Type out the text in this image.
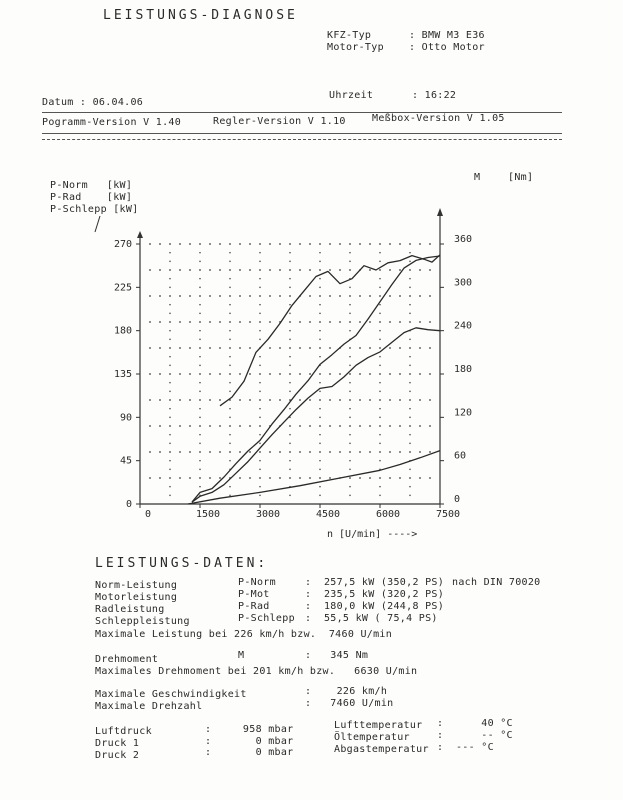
LEISTUNGS-DIAGNOSE
KFZ-Typ	: BMW M3 E36
Motor-Typ	: Otto Motor
Datum : 06.04.06
Uhrzeit	: 16:22
Pogramm-Version V 1.40	Regler-Version V 1.10	Meßbox-Version V 1.05
P-Norm   [kW]
P-Rad    [kW]
P-Schlepp [kW]
M	[Nm]
0
45
90
135
180
225
270
0
60
120
180
240
300
360
0	1500	3000	4500	6000	7500
n [U/min] ---->
LEISTUNGS-DATEN:
Norm-Leistung	P-Norm	:  257,5 kW (350,2 PS) nach DIN 70020
Motorleistung	P-Mot	:  235,5 kW (320,2 PS)
Radleistung	P-Rad	:  180,0 kW (244,8 PS)
Schleppleistung	P-Schlepp :  55,5 kW ( 75,4 PS)
Maximale Leistung bei 226 km/h bzw.  7460 U/min
Drehmoment	M	:   345 Nm
Maximales Drehmoment bei 201 km/h bzw.   6630 U/min
Maximale Geschwindigkeit	:    226 km/h
Maximale Drehzahl	:   7460 U/min
Luftdruck	:     958 mbar
Druck 1	:       0 mbar
Druck 2	:       0 mbar
Lufttemperatur :      40 °C
Öltemperatur	:      -- °C
Abgastemperatur :  --- °C
